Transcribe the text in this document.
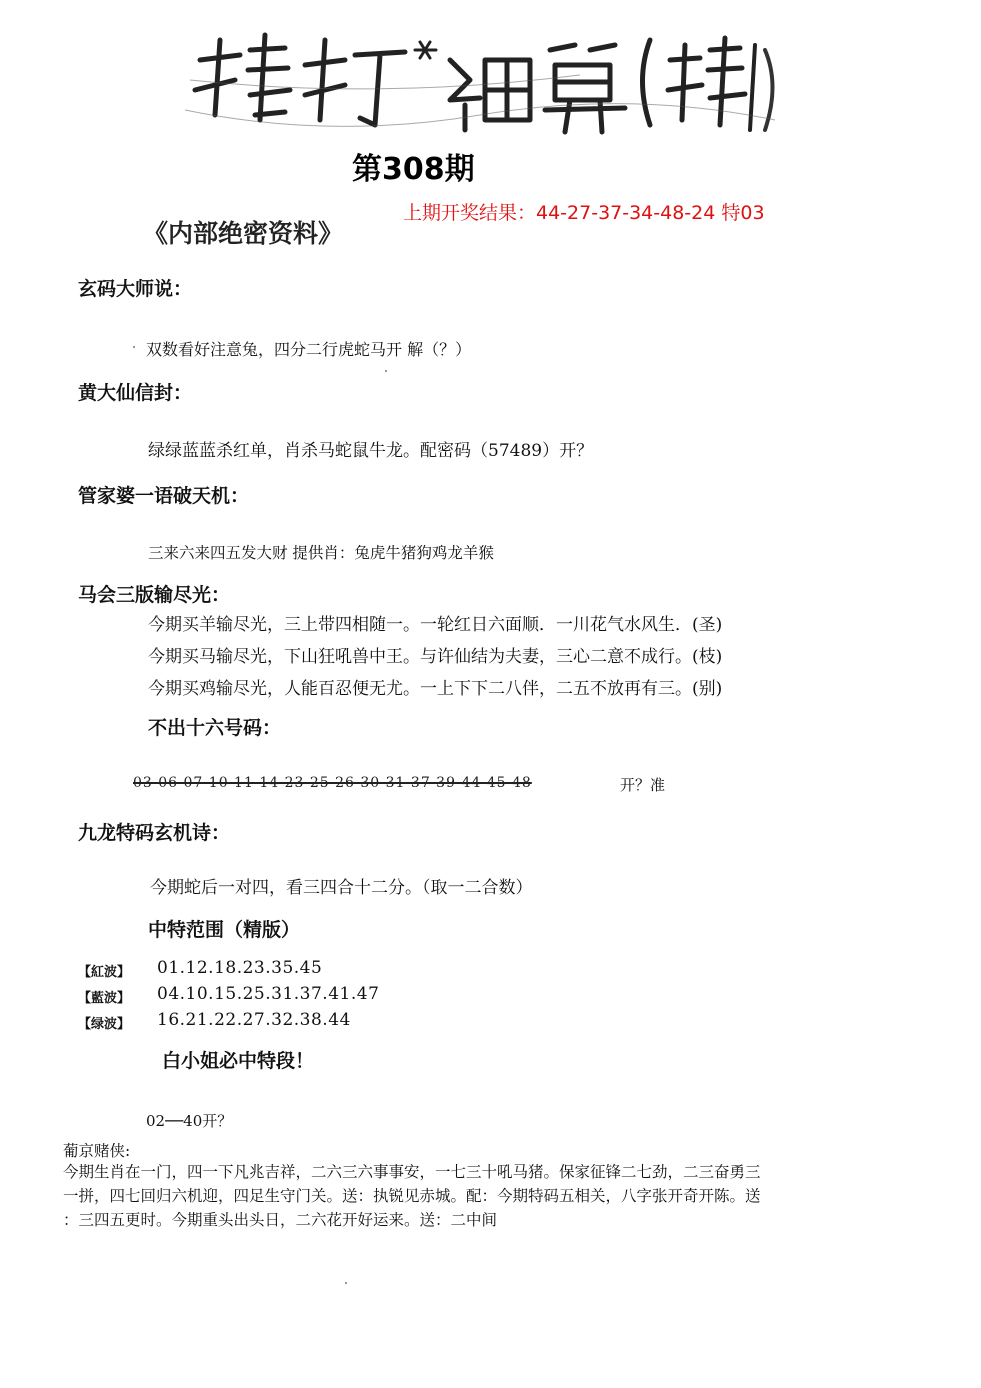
第308期
上期开奖结果：44-27-37-34-48-24 特03
《内部绝密资料》
玄码大师说：
双数看好注意兔，四分二行虎蛇马开 解（？）
黄大仙信封：
绿绿蓝蓝杀红单，肖杀马蛇鼠牛龙。配密码（57489）开？
管家婆一语破天机：
三来六来四五发大财 提供肖：兔虎牛猪狗鸡龙羊猴
马会三版输尽光：
今期买羊输尽光，三上带四相随一。一轮红日六面顺．一川花气水风生．(圣)
今期买马输尽光，下山狂吼兽中王。与许仙结为夫妻，三心二意不成行。(枝)
今期买鸡输尽光，人能百忍便无尤。一上下下二八伴，二五不放再有三。(别)
不出十六号码：
03 06 07 10 11 14 23 25 26 30 31 37 39 44 45 48	开？准
九龙特码玄机诗：
今期蛇后一对四，看三四合十二分。（取一二合数）
中特范围（精版）
【紅波】 01.12.18.23.35.45
【藍波】 04.10.15.25.31.37.41.47
【绿波】 16.21.22.27.32.38.44
白小姐必中特段！
02──40开？
葡京赌侠:
今期生肖在一门，四一下凡兆吉祥，二六三六事事安，一七三十吼马猪。保家征锋二七劲，二三奋勇三
一拼，四七回归六机迎，四足生守门关。送：执锐见赤城。配：今期特码五相关，八字张开奇开陈。送
：三四五更时。今期重头出头日，二六花开好运来。送：二中间
